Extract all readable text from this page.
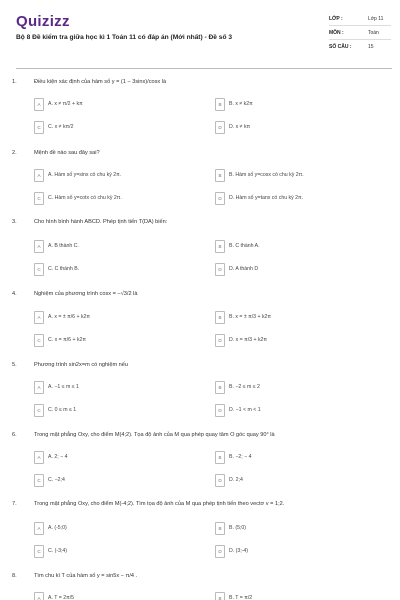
Quizizz
Bộ 8 Đề kiểm tra giữa học kì 1 Toán 11 có đáp án (Mới nhất) - Đề số 3
LỚP :	Lớp 11
MÔN :	Toán
SỐ CÂU :	15
1.	Điều kiện xác định của hàm số y = (1 − 3sinx)/cosx là
A	A. x ≠ π/2 + kπ	B	B. x ≠ k2π
C	C. x ≠ kπ/2	D	D. x ≠ kπ
2.	Mệnh đề nào sau đây sai?
A	A. Hàm số y=sinx có chu kỳ 2π.	B	B. Hàm số y=cosx có chu kỳ 2π.
C	C. Hàm số y=cotx có chu kỳ 2π.	D	D. Hàm số y=tanx có chu kỳ 2π.
3.	Cho hình bình hành ABCD. Phép tịnh tiến T(DA) biến:
A	A. B thành C.	B	B. C thành A.
C	C. C thành B.	D	D. A thành D
4.	Nghiệm của phương trình cosx = −√3/2 là
A	A. x = ± π/6 + k2π	B	B. x = ± π/3 + k2π
C	C. x = π/6 + k2π	D	D. x = π/3 + k2π
5.	Phương trình sin2x=m có nghiệm nếu
A	A. −1 ≤ m ≤ 1	B	B. −2 ≤ m ≤ 2
C	C. 0 ≤ m ≤ 1	D	D. −1 < m < 1
6.	Trong mặt phẳng Oxy, cho điểm M(4;2). Tọa độ ảnh của M qua phép quay tâm O góc quay 90° là
A	A. 2; − 4	B	B. −2; − 4
C	C. −2;4	D	D. 2;4
7.	Trong mặt phẳng Oxy, cho điểm M(-4;2). Tìm tọa độ ảnh của M qua phép tịnh tiến theo vectơ v = 1;2.
A	A. (-5;0)	B	B. (5;0)
C	C. (-3;4)	D	D. (3;-4)
8.	Tìm chu kì T của hàm số y = sin5x − π/4 .
A	A. T = 2π/5	B	B. T = π/2
